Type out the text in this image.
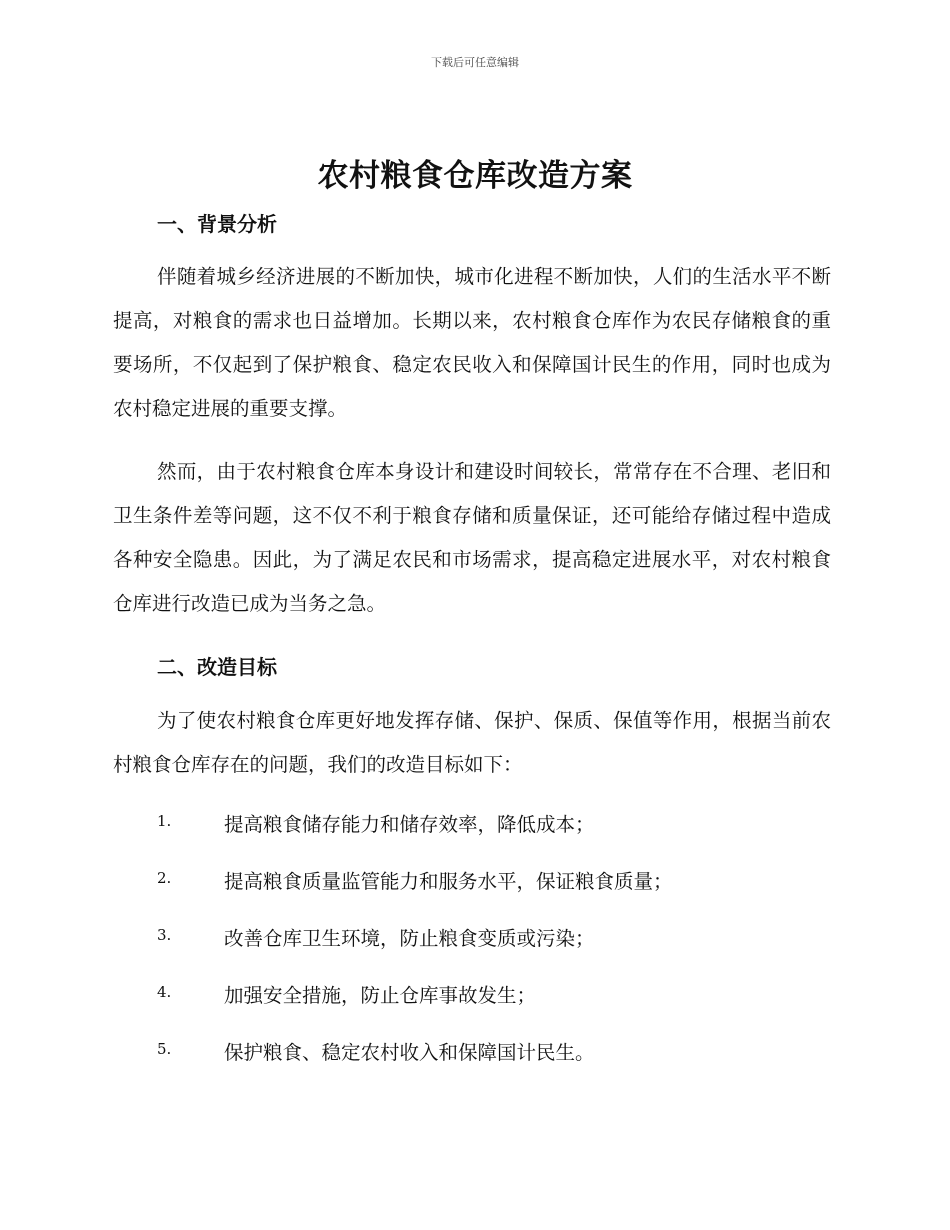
下载后可任意编辑
农村粮食仓库改造方案
一、背景分析

伴随着城乡经济进展的不断加快，城市化进程不断加快，人们的生活水平不断提高，对粮食的需求也日益增加。长期以来，农村粮食仓库作为农民存储粮食的重要场所，不仅起到了保护粮食、稳定农民收入和保障国计民生的作用，同时也成为农村稳定进展的重要支撑。

然而，由于农村粮食仓库本身设计和建设时间较长，常常存在不合理、老旧和卫生条件差等问题，这不仅不利于粮食存储和质量保证，还可能给存储过程中造成各种安全隐患。因此，为了满足农民和市场需求，提高稳定进展水平，对农村粮食仓库进行改造已成为当务之急。

二、改造目标

为了使农村粮食仓库更好地发挥存储、保护、保质、保值等作用，根据当前农村粮食仓库存在的问题，我们的改造目标如下：

1.	提高粮食储存能力和储存效率，降低成本；
2.	提高粮食质量监管能力和服务水平，保证粮食质量；
3.	改善仓库卫生环境，防止粮食变质或污染；
4.	加强安全措施，防止仓库事故发生；
5.	保护粮食、稳定农村收入和保障国计民生。
